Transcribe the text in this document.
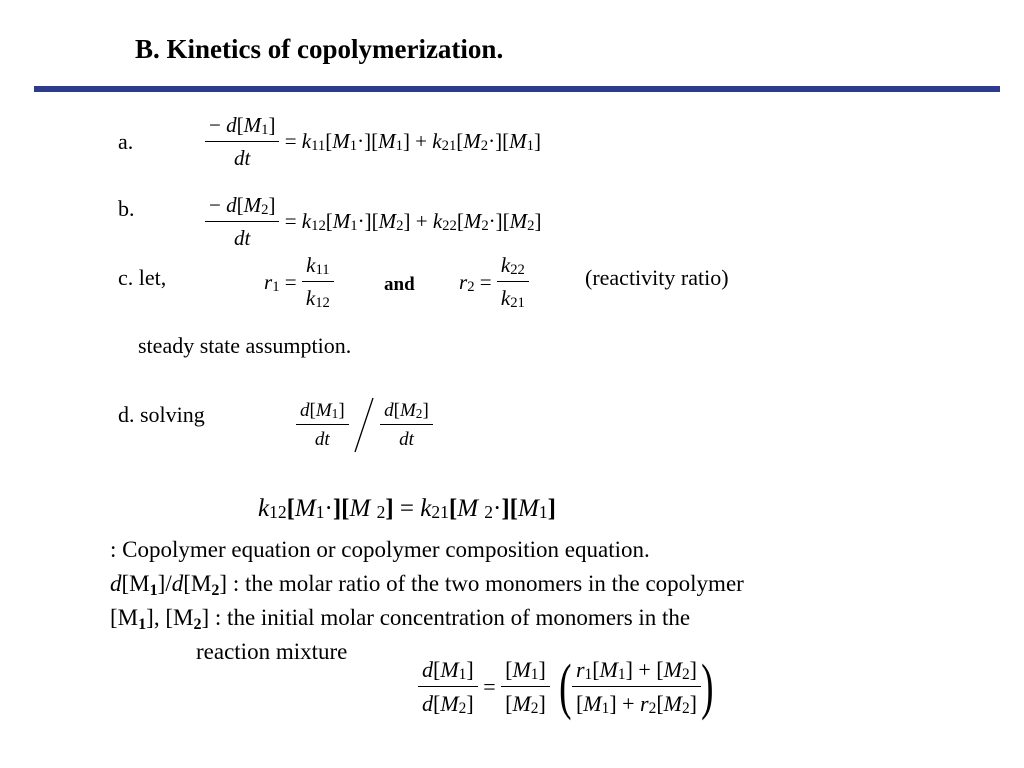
B. Kinetics of copolymerization.
a.	$\frac{- d[M_1]}{dt} = k_{11}[M_1\cdot][M_1] + k_{21}[M_2\cdot][M_1]$
b.	$\frac{- d[M_2]}{dt} = k_{12}[M_1\cdot][M_2] + k_{22}[M_2\cdot][M_2]$
c. let,	$r_1 = \frac{k_{11}}{k_{12}}$	and $r_2 = \frac{k_{22}}{k_{21}}$	(reactivity ratio)
steady state assumption.
d. solving	$\frac{d[M_1]}{dt}$

$\frac{d[M_2]}{dt}$
$k_{12}[M_1\cdot][M$ $_2] = k_{21}[M$ $_2\cdot][M_1]$
: Copolymer equation or copolymer composition equation.
d[M1]/d[M2] : the molar ratio of the two monomers in the copolymer
[M1], [M2] : the initial molar concentration of monomers in the
reaction mixture
$\frac{d[M_1]}{d[M_2]} = \frac{[M_1]}{[M_2]}$ ( $\frac{r_1[M_1] + [M_2]}{[M_1] + r_2[M_2]}$ )
